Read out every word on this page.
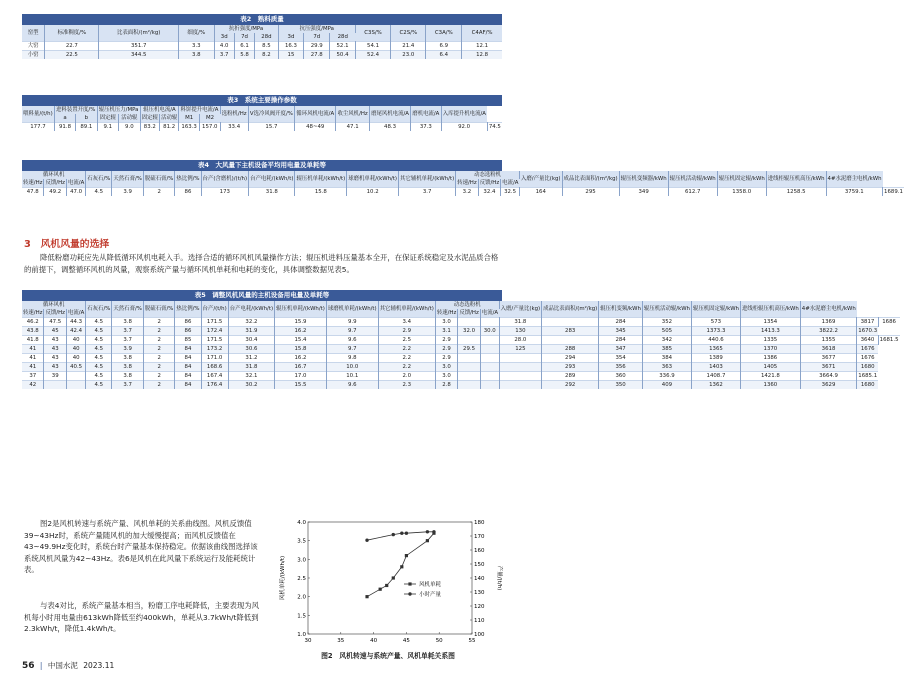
表2　熟料质量
窑型	标准稠度/%	比表面积/(m²/kg)	细度/%	抗折强度/MPa			抗压强度/MPa			C3S/%	C2S/%	C3A/%	C4AF/%
				3d	7d	28d	3d	7d	28d				
大窑	22.7	351.7	3.3	4.0	6.1	8.5	16.3	29.9	52.1	54.1	21.4	6.9	12.1
小窑	22.5	344.5	3.8	3.7	5.8	8.2	15	27.8	50.4	52.4	23.0	6.4	12.8
表3　系统主要操作参数
喂料量/(t/h)	进料装置开度/%		辊压机压力/MPa		辊压机电流/A		料饼提升电流/A		选粉机/Hz	V选冷风阀开度/%	循环风机电流/A	收尘风机/Hz	磨尾风机电流/A	磨机电流/A	入库提升机电流/A	
	a	b	固定辊	活动辊	固定辊	活动辊	M1	M2								
177.7	91.8	89.1	9.1	9.0	83.2	81.2	163.3	157.0	33.4	15.7	48~49	47.1	48.3	37.3	92.0	74.5
表4　大风量下主机设备平均用电量及单耗等
循环风机			石灰石/%	天然石膏/%	脱硫石膏/%	热比例/%	台产(含磨机)/(t/h)	台产电耗/(kWh/t)	辊压机单耗/(kWh/t)	球磨机单耗/(kWh/t)	其它辅机单耗/(kWh/t)	动态选粉机			入磨/产量比(kg)	成品比表面积/(m²/kg)	辊压机变频器/kWh	辊压机活动辊/kWh	辊压机固定辊/kWh	进线柜辊压机高压/kWh	4#水泥磨主电机/kWh	
转速/Hz	反馈/Hz	电流/A										转速/Hz	反馈/Hz	电流/A								
47.8	49.2	47.0	4.5	3.9	2	86	173	31.8	15.8	10.2	3.7	3.2	32.4	32.5	164	295	349	612.7	1358.0	1258.5	3759.1	1689.1
3　风机风量的选择
降低粉磨功耗应先从降低循环风机电耗入手。选择合适的循环风机风量操作方法；辊压机进料压量基本全开，在保证系统稳定及水泥品质合格的前提下，调整循环风机的风量，观察系统产量与循环风机单耗和电耗的变化，具体调整数据见表5。
表5　调整风机风量的主机设备用电量及单耗等
循环风机			石灰石/%	天然石膏/%	脱硫石膏/%	热比例/%	台产/(t/h)	台产电耗/(kWh/t)	辊压机单耗/(kWh/t)	球磨机单耗/(kWh/t)	其它辅机单耗/(kWh/t)	动态选粉机			入磨/产量比(kg)	成品比表面积/(m²/kg)	辊压机变频/kWh	辊压机活动辊/kWh	辊压机固定辊/kWh	进线柜辊压机高压/kWh	4#水泥磨主电机/kWh		
转速/Hz	反馈/Hz	电流/A										转速/Hz	反馈/Hz	电流/A									
46.2	47.5	44.3	4.5	3.8	2	86	171.5	32.2	15.9	9.9	3.4	3.0			31.8		284	352	573	1354	1369	3817	1686
43.8	45	42.4	4.5	3.7	2	86	172.4	31.9	16.2	9.7	2.9	3.1	32.0	30.0	130	283	345	505	1373.3	1413.3	3822.2	1670.3	
41.8	43	40	4.5	3.7	2	85	171.5	30.4	15.4	9.6	2.5	2.9			28.0		284	342	440.6	1335	1355	3640	1681.5
41	43	40	4.5	3.9	2	84	173.2	30.6	15.8	9.7	2.2	2.9	29.5		125	288	347	385	1365	1370	3618	1676	
41	43	40	4.5	3.8	2	84	171.0	31.2	16.2	9.8	2.2	2.9				294	354	384	1389	1386	3677	1676	
41	43	40.5	4.5	3.8	2	84	168.6	31.8	16.7	10.0	2.2	3.0				293	356	363	1403	1405	3671	1680	
37	39		4.5	3.8	2	84	167.4	32.1	17.0	10.1	2.0	3.0				289	360	336.9	1408.7	1421.8	3664.9	1685.1	
42			4.5	3.7	2	84	176.4	30.2	15.5	9.6	2.3	2.8				292	350	409	1362	1360	3629	1680	
图2是风机转速与系统产量、风机单耗的关系曲线图。风机反馈值39~43Hz时，系统产量随风机的加大缓慢提高；而风机反馈值在43~49.9Hz变化时，系统台时产量基本保持稳定。依据该曲线图选择该系统风机风量为42~43Hz。表6是风机在此风量下系统运行及能耗统计表。
与表4对比，系统产量基本相当，粉磨工序电耗降低，主要表现为风机每小时用电量由613kWh降低至约400kWh，单耗从3.7kWh/t降低到2.3kWh/t，降低1.4kWh/t。
30	35	40	45	50	55
1.0
1.5
2.0
2.5
3.0
3.5
4.0
100
110
120
130
140
150
160
170
180
风机单耗/(kWh/t)	产量/(t/h)
风机单耗
小时产量
图2　风机转速与系统产量、风机单耗关系图
56 | 中国水泥 2023.11
